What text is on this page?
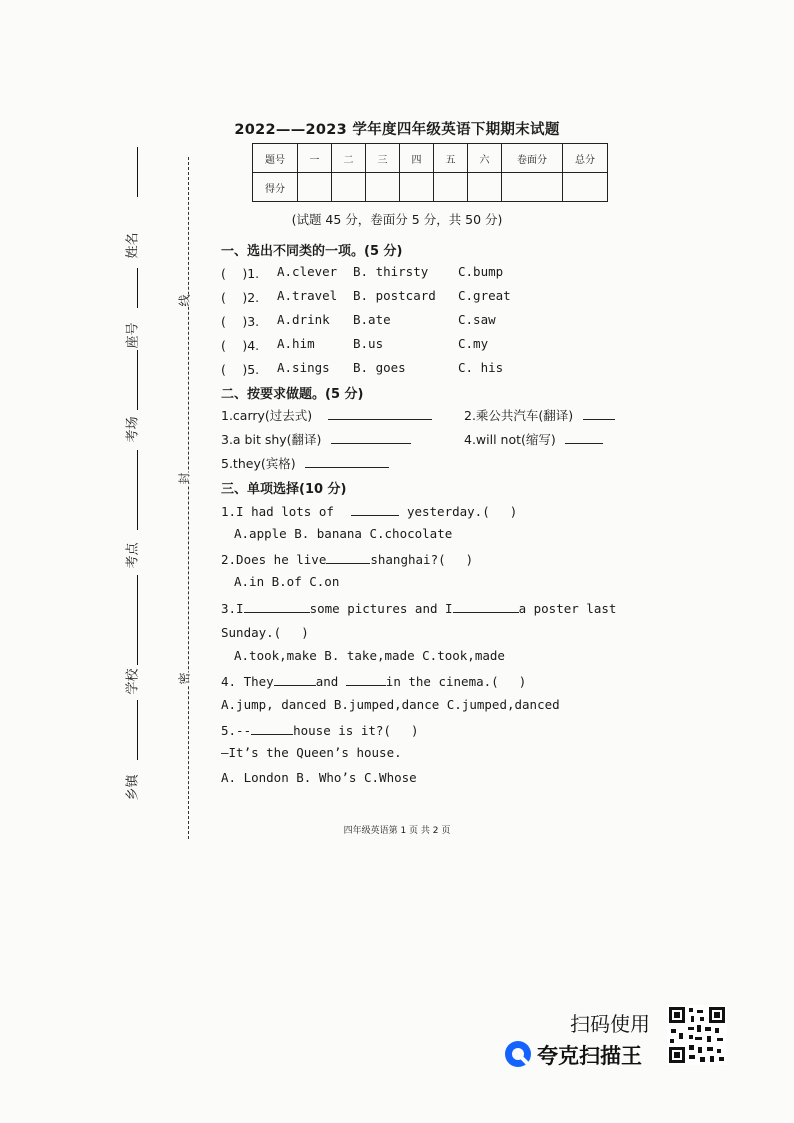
2022——2023 学年度四年级英语下期期末试题
题号	一	二	三	四	五	六	卷面分	总分
得分								
(试题 45 分，卷面分 5 分，共 50 分)
姓名
座号
考场
考点
学校
乡镇
线
封
密
一、选出不同类的一项。(5 分)
(　 )1. A.clever B. thirsty C.bump
(　 )2. A.travel B. postcard C.great
(　 )3. A.drink B.ate	C.saw
(　 )4. A.him	B.us	C.my
(　 )5. A.sings B. goes	C. his
二、按要求做题。(5 分)
1.carry(过去式)	2.乘公共汽车(翻译)
3.a bit shy(翻译)	4.will not(缩写)
5.they(宾格)
三、单项选择(10 分)
1.I had lots of	yesterday.(　 )
A.apple B. banana C.chocolate
2.Does he live	shanghai?(　 )
A.in B.of C.on
3.I	some pictures and I	a poster last
Sunday.(　 )
A.took,make B. take,made C.took,made
4. They	and	in the cinema.(　 )
A.jump, danced B.jumped,dance C.jumped,danced
5.--	house is it?(　 )
—It’s the Queen’s house.
A. London B. Who’s C.Whose
四年级英语第 1 页 共 2 页
扫码使用
夸克扫描王
